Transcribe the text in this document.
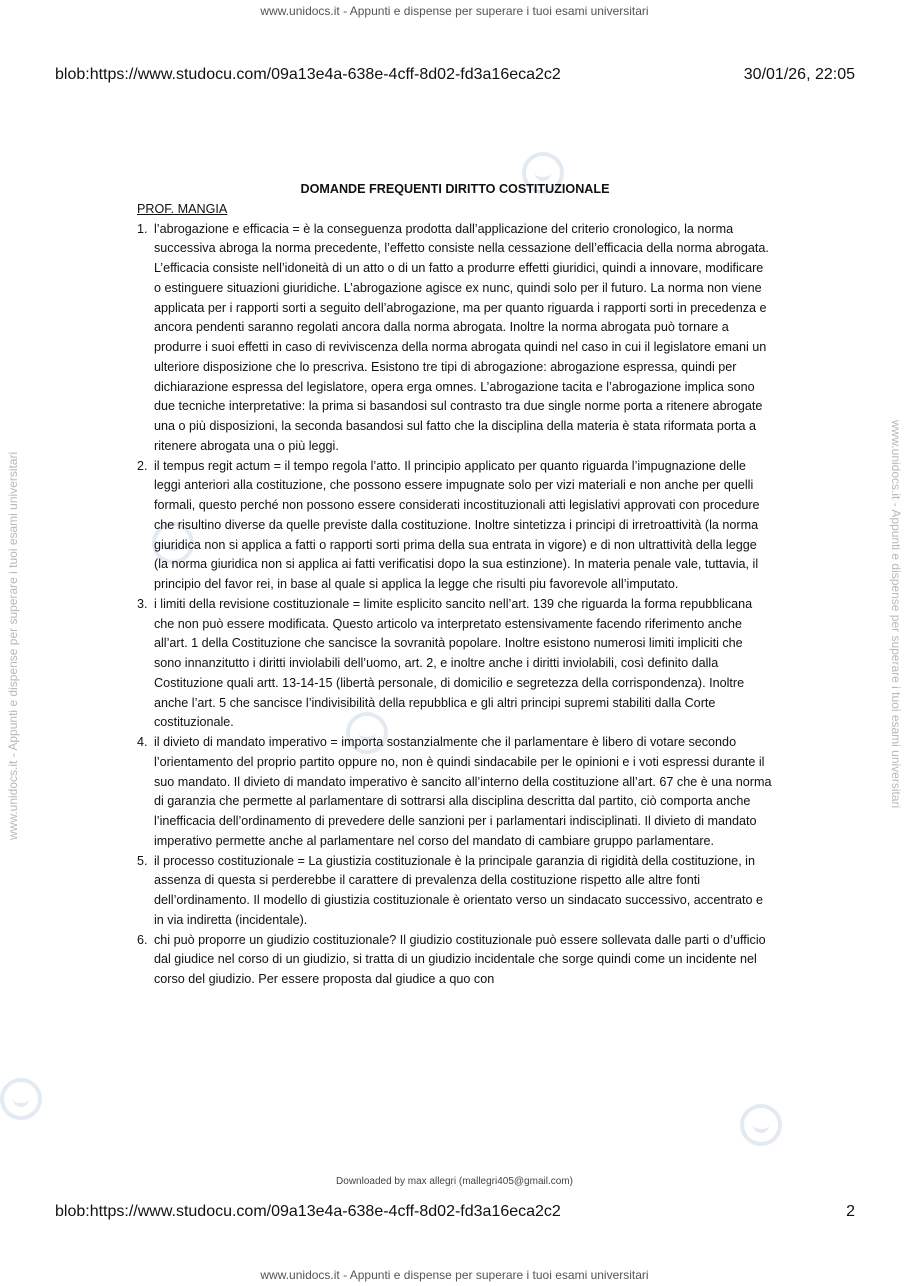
www.unidocs.it - Appunti e dispense per superare i tuoi esami universitari
www.unidocs.it - Appunti e dispense per superare i tuoi esami universitari	www.unidocs.it - Appunti e dispense per superare i tuoi esami universitari
blob:https://www.studocu.com/09a13e4a-638e-4cff-8d02-fd3a16eca2c2	30/01/26, 22:05

DOMANDE FREQUENTI DIRITTO COSTITUZIONALE

PROF. MANGIA

1. l’abrogazione e efficacia = è la conseguenza prodotta dall’applicazione del criterio cronologico, la norma successiva abroga la norma precedente, l’effetto consiste nella cessazione dell’efficacia della norma abrogata. L’efficacia consiste nell’idoneità di un atto o di un fatto a produrre effetti giuridici, quindi a innovare, modificare o estinguere situazioni giuridiche. L’abrogazione agisce ex nunc, quindi solo per il futuro. La norma non viene applicata per i rapporti sorti a seguito dell’abrogazione, ma per quanto riguarda i rapporti sorti in precedenza e ancora pendenti saranno regolati ancora dalla norma abrogata. Inoltre la norma abrogata può tornare a produrre i suoi effetti in caso di reviviscenza della norma abrogata quindi nel caso in cui il legislatore emani un ulteriore disposizione che lo prescriva. Esistono tre tipi di abrogazione: abrogazione espressa, quindi per dichiarazione espressa del legislatore, opera erga omnes. L’abrogazione tacita e l’abrogazione implica sono due tecniche interpretative: la prima si basandosi sul contrasto tra due single norme porta a ritenere abrogate una o più disposizioni, la seconda basandosi sul fatto che la disciplina della materia è stata riformata porta a ritenere abrogata una o più leggi.
2. il tempus regit actum = il tempo regola l’atto. Il principio applicato per quanto riguarda l’impugnazione delle leggi anteriori alla costituzione, che possono essere impugnate solo per vizi materiali e non anche per quelli formali, questo perché non possono essere considerati incostituzionali atti legislativi approvati con procedure che risultino diverse da quelle previste dalla costituzione. Inoltre sintetizza i principi di irretroattività (la norma giuridica non si applica a fatti o rapporti sorti prima della sua entrata in vigore) e di non ultrattività della legge (la norma giuridica non si applica ai fatti verificatisi dopo la sua estinzione). In materia penale vale, tuttavia, il principio del favor rei, in base al quale si applica la legge che risulti piu favorevole all’imputato.
3. i limiti della revisione costituzionale = limite esplicito sancito nell’art. 139 che riguarda la forma repubblicana che non può essere modificata. Questo articolo va interpretato estensivamente facendo riferimento anche all’art. 1 della Costituzione che sancisce la sovranità popolare. Inoltre esistono numerosi limiti impliciti che sono innanzitutto i diritti inviolabili dell’uomo, art. 2, e inoltre anche i diritti inviolabili, così definito dalla Costituzione quali artt. 13-14-15 (libertà personale, di domicilio e segretezza della corrispondenza). Inoltre anche l’art. 5 che sancisce l’indivisibilità della repubblica e gli altri principi supremi stabiliti dalla Corte costituzionale.
4. il divieto di mandato imperativo = importa sostanzialmente che il parlamentare è libero di votare secondo l’orientamento del proprio partito oppure no, non è quindi sindacabile per le opinioni e i voti espressi durante il suo mandato. Il divieto di mandato imperativo è sancito all’interno della costituzione all’art. 67 che è una norma di garanzia che permette al parlamentare di sottrarsi alla disciplina descritta dal partito, ciò comporta anche l’inefficacia dell’ordinamento di prevedere delle sanzioni per i parlamentari indisciplinati. Il divieto di mandato imperativo permette anche al parlamentare nel corso del mandato di cambiare gruppo parlamentare.
5. il processo costituzionale = La giustizia costituzionale è la principale garanzia di rigidità della costituzione, in assenza di questa si perderebbe il carattere di prevalenza della costituzione rispetto alle altre fonti dell’ordinamento. Il modello di giustizia costituzionale è orientato verso un sindacato successivo, accentrato e in via indiretta (incidentale).
6. chi può proporre un giudizio costituzionale? Il giudizio costituzionale può essere sollevata dalle parti o d’ufficio dal giudice nel corso di un giudizio, si tratta di un giudizio incidentale che sorge quindi come un incidente nel corso del giudizio. Per essere proposta dal giudice a quo con
Downloaded by max allegri (mallegri405@gmail.com)
blob:https://www.studocu.com/09a13e4a-638e-4cff-8d02-fd3a16eca2c2	2
www.unidocs.it - Appunti e dispense per superare i tuoi esami universitari
